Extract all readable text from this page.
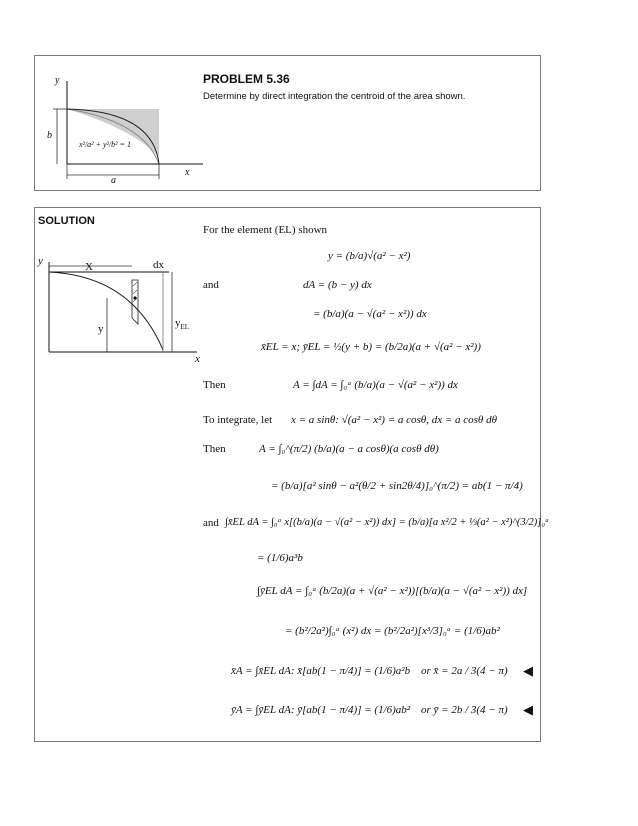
y
x
b
a
x²/a² + y²/b² = 1
PROBLEM 5.36
Determine by direct integration the centroid of the area shown.
SOLUTION
y
x
dx
X
y	$y_{EL}$
For the element (EL) shown
y = (b/a)√(a² − x²)
and	dA = (b − y) dx
= (b/a)(a − √(a² − x²)) dx
x̄EL = x; ȳEL = ½(y + b) = (b/2a)(a + √(a² − x²))
Then	A = ∫dA = ∫₀ᵃ (b/a)(a − √(a² − x²)) dx
To integrate, let x = a sinθ: √(a² − x²) = a cosθ, dx = a cosθ dθ
Then	A = ∫₀^(π/2) (b/a)(a − a cosθ)(a cosθ dθ)
= (b/a)[a² sinθ − a²(θ/2 + sin2θ/4)]₀^(π/2) = ab(1 − π/4)
and ∫x̄EL dA = ∫₀ᵃ x[(b/a)(a − √(a² − x²)) dx] = (b/a)[a x²/2 + ⅓(a² − x²)^(3/2)]₀ᵃ
= (1/6)a³b
∫ȳEL dA = ∫₀ᵃ (b/2a)(a + √(a² − x²))[(b/a)(a − √(a² − x²)) dx]
= (b²/2a²)∫₀ᵃ (x²) dx = (b²/2a²)[x³/3]₀ᵃ = (1/6)ab²
x̄A = ∫x̄EL dA: x̄[ab(1 − π/4)] = (1/6)a²b or x̄ = 2a / 3(4 − π) ◀
ȳA = ∫ȳEL dA: ȳ[ab(1 − π/4)] = (1/6)ab² or ȳ = 2b / 3(4 − π) ◀
